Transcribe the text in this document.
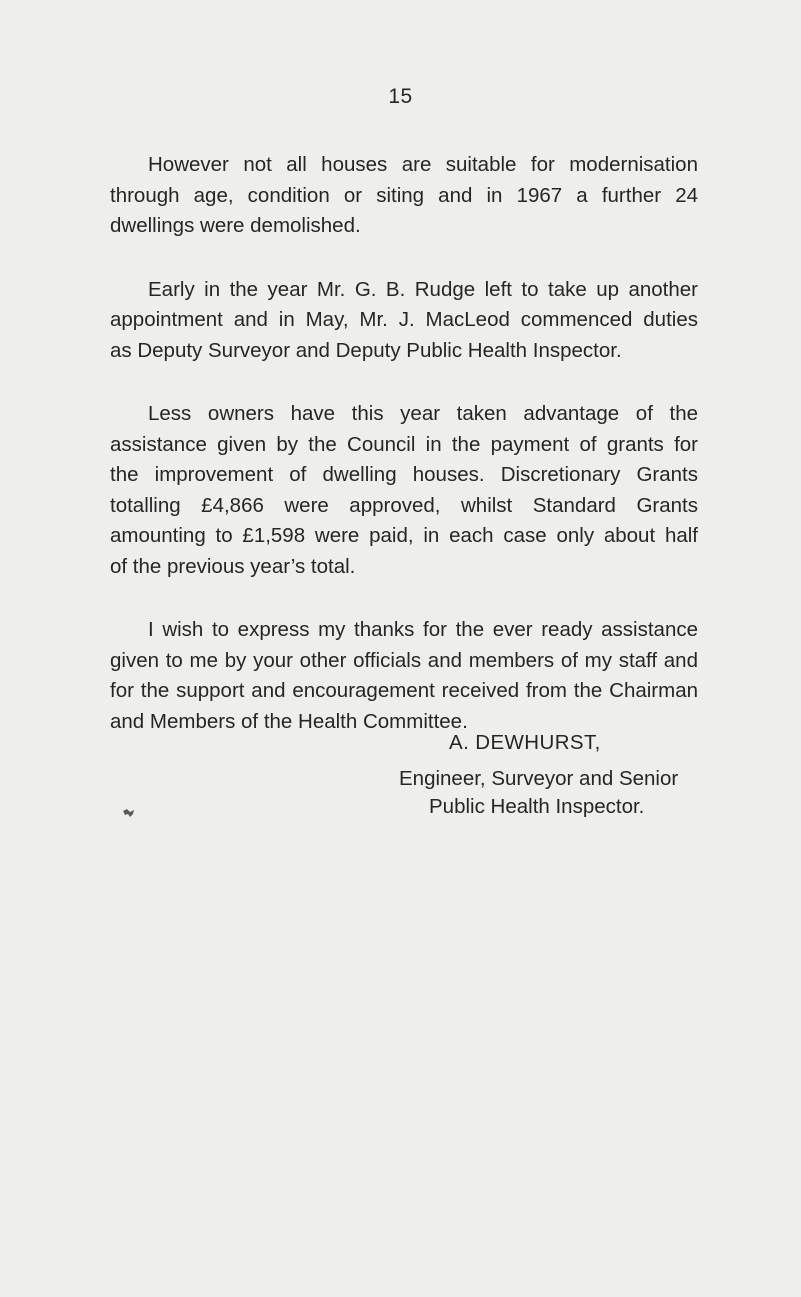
15

However not all houses are suitable for modernisation
through age, condition or siting and in 1967 a further 24
dwellings were demolished.

Early in the year Mr. G. B. Rudge left to take up another
appointment and in May, Mr. J. MacLeod commenced duties
as Deputy Surveyor and Deputy Public Health Inspector.

Less owners have this year taken advantage of the
assistance given by the Council in the payment of grants for
the improvement of dwelling houses. Discretionary Grants
totalling £4,866 were approved, whilst Standard Grants
amounting to £1,598 were paid, in each case only about half
of the previous year’s total.

I wish to express my thanks for the ever ready assistance
given to me by your other officials and members of my staff and
for the support and encouragement received from the Chairman
and Members of the Health Committee.

A. DEWHURST,
Engineer, Surveyor and Senior
Public Health Inspector.
